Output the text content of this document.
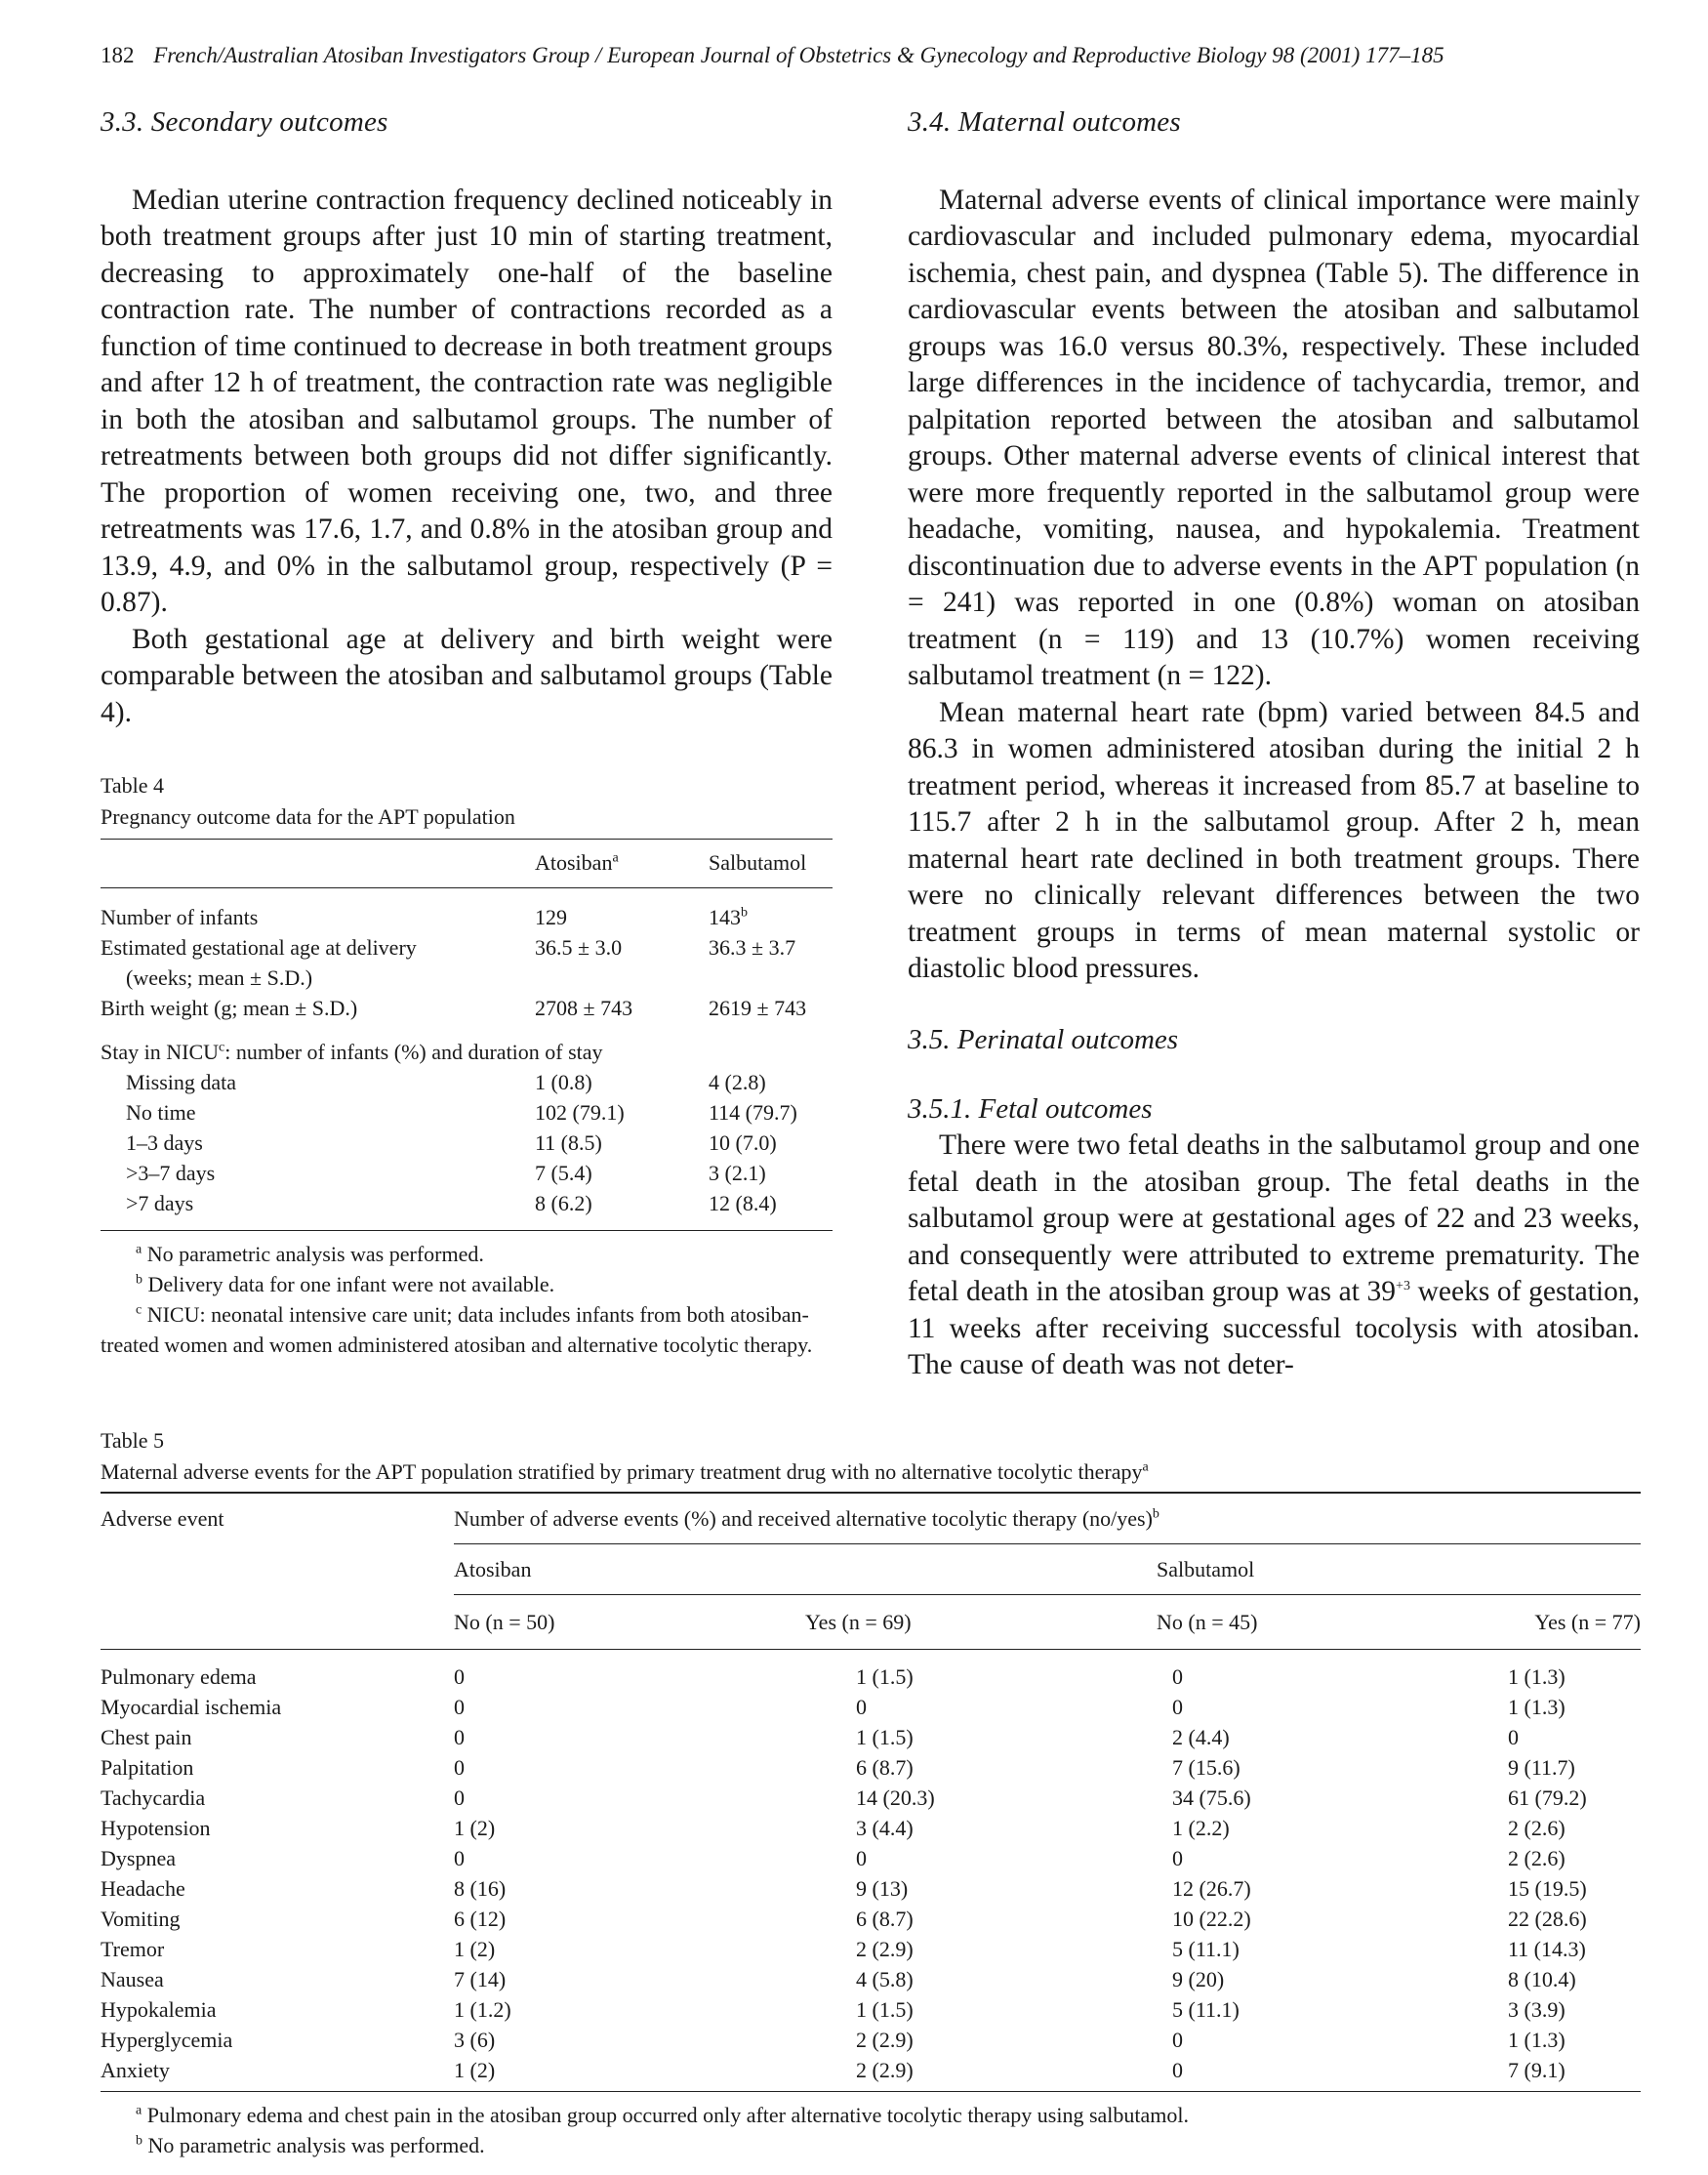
182 French/Australian Atosiban Investigators Group / European Journal of Obstetrics & Gynecology and Reproductive Biology 98 (2001) 177–185
3.3. Secondary outcomes

Median uterine contraction frequency declined noticeably in both treatment groups after just 10 min of starting treatment, decreasing to approximately one-half of the baseline contraction rate. The number of contractions recorded as a function of time continued to decrease in both treatment groups and after 12 h of treatment, the contraction rate was negligible in both the atosiban and salbutamol groups. The number of retreatments between both groups did not differ significantly. The proportion of women receiving one, two, and three retreatments was 17.6, 1.7, and 0.8% in the atosiban group and 13.9, 4.9, and 0% in the salbutamol group, respectively (P = 0.87).

Both gestational age at delivery and birth weight were comparable between the atosiban and salbutamol groups (Table 4).

Table 4

Pregnancy outcome data for the APT population

	Atosiban$^a$	Salbutamol
Number of infants	129	143$^b$
Estimated gestational age at delivery	36.5 ± 3.0	36.3 ± 3.7
(weeks; mean ± S.D.)		
Birth weight (g; mean ± S.D.)	2708 ± 743	2619 ± 743
Stay in NICU$^c$: number of infants (%) and duration of stay		
Missing data	1 (0.8)	4 (2.8)
No time	102 (79.1)	114 (79.7)
1–3 days	11 (8.5)	10 (7.0)
>3–7 days	7 (5.4)	3 (2.1)
>7 days	8 (6.2)	12 (8.4)

$^a$ No parametric analysis was performed.

$^b$ Delivery data for one infant were not available.

$^c$ NICU: neonatal intensive care unit; data includes infants from both atosiban-treated women and women administered atosiban and alternative tocolytic therapy.

3.4. Maternal outcomes

Maternal adverse events of clinical importance were mainly cardiovascular and included pulmonary edema, myocardial ischemia, chest pain, and dyspnea (Table 5). The difference in cardiovascular events between the atosiban and salbutamol groups was 16.0 versus 80.3%, respectively. These included large differences in the incidence of tachycardia, tremor, and palpitation reported between the atosiban and salbutamol groups. Other maternal adverse events of clinical interest that were more frequently reported in the salbutamol group were headache, vomiting, nausea, and hypokalemia. Treatment discontinuation due to adverse events in the APT population (n = 241) was reported in one (0.8%) woman on atosiban treatment (n = 119) and 13 (10.7%) women receiving salbutamol treatment (n = 122).

Mean maternal heart rate (bpm) varied between 84.5 and 86.3 in women administered atosiban during the initial 2 h treatment period, whereas it increased from 85.7 at baseline to 115.7 after 2 h in the salbutamol group. After 2 h, mean maternal heart rate declined in both treatment groups. There were no clinically relevant differences between the two treatment groups in terms of mean maternal systolic or diastolic blood pressures.

3.5. Perinatal outcomes
3.5.1. Fetal outcomes

There were two fetal deaths in the salbutamol group and one fetal death in the atosiban group. The fetal deaths in the salbutamol group were at gestational ages of 22 and 23 weeks, and consequently were attributed to extreme prematurity. The fetal death in the atosiban group was at $39^{+3}$ weeks of gestation, 11 weeks after receiving successful tocolysis with atosiban. The cause of death was not deter-

Table 5

Maternal adverse events for the APT population stratified by primary treatment drug with no alternative tocolytic therapy$^a$

Adverse event	Number of adverse events (%) and received alternative tocolytic therapy $(no/yes)^b$
	Atosiban		Salbutamol	
	No (n = 50)	Yes (n = 69)	No (n = 45)	Yes (n = 77)
Pulmonary edema	0	1 (1.5)	0	1 (1.3)
Myocardial ischemia	0	0	0	1 (1.3)
Chest pain	0	1 (1.5)	2 (4.4)	0
Palpitation	0	6 (8.7)	7 (15.6)	9 (11.7)
Tachycardia	0	14 (20.3)	34 (75.6)	61 (79.2)
Hypotension	1 (2)	3 (4.4)	1 (2.2)	2 (2.6)
Dyspnea	0	0	0	2 (2.6)
Headache	8 (16)	9 (13)	12 (26.7)	15 (19.5)
Vomiting	6 (12)	6 (8.7)	10 (22.2)	22 (28.6)
Tremor	1 (2)	2 (2.9)	5 (11.1)	11 (14.3)
Nausea	7 (14)	4 (5.8)	9 (20)	8 (10.4)
Hypokalemia	1 (1.2)	1 (1.5)	5 (11.1)	3 (3.9)
Hyperglycemia	3 (6)	2 (2.9)	0	1 (1.3)
Anxiety	1 (2)	2 (2.9)	0	7 (9.1)

$^a$ Pulmonary edema and chest pain in the atosiban group occurred only after alternative tocolytic therapy using salbutamol.

$^b$ No parametric analysis was performed.
